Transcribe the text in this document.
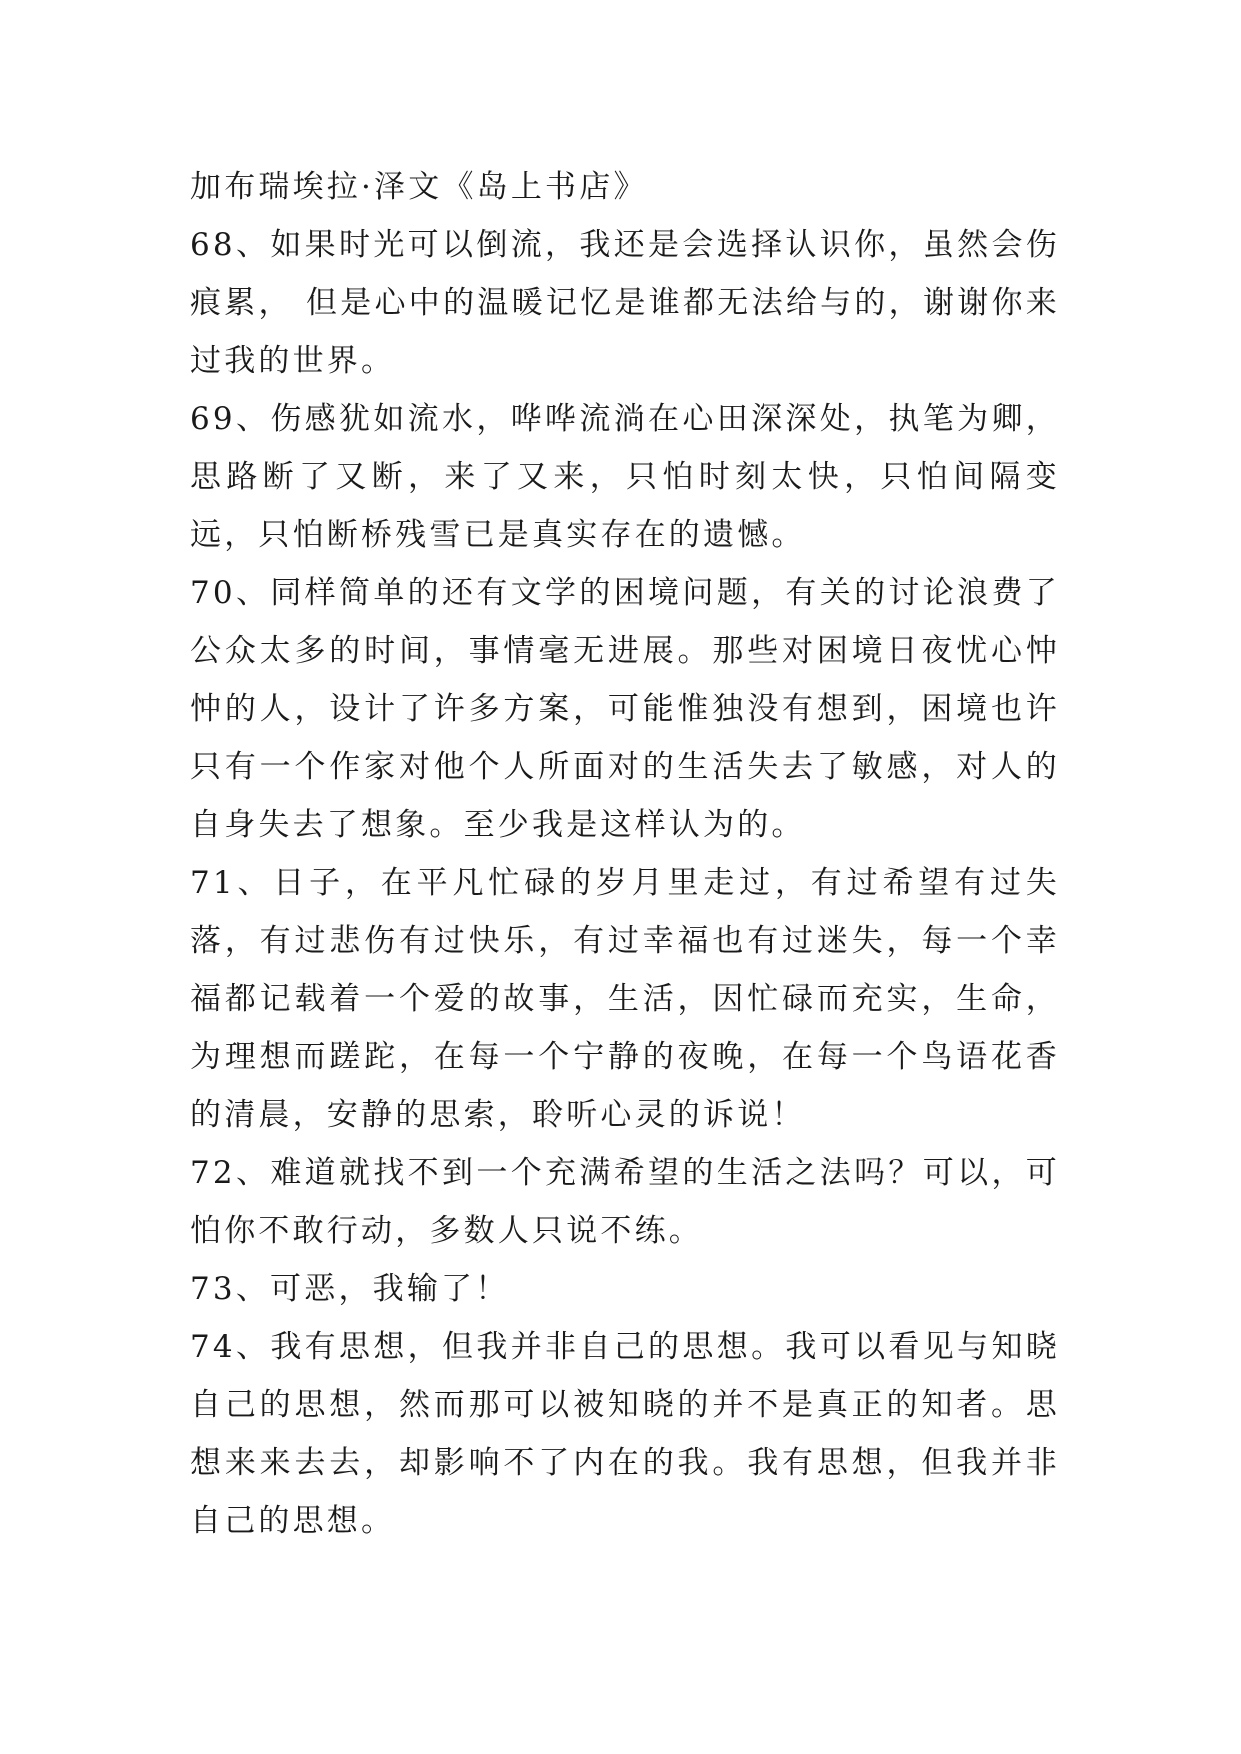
加布瑞埃拉·泽文《岛上书店》

68、如果时光可以倒流，我还是会选择认识你，虽然会伤痕累， 但是心中的温暖记忆是谁都无法给与的，谢谢你来过我的世界。

69、伤感犹如流水，哗哗流淌在心田深深处，执笔为卿，思路断了又断，来了又来，只怕时刻太快，只怕间隔变远，只怕断桥残雪已是真实存在的遗憾。

70、同样简单的还有文学的困境问题，有关的讨论浪费了公众太多的时间，事情毫无进展。那些对困境日夜忧心忡忡的人，设计了许多方案，可能惟独没有想到，困境也许只有一个作家对他个人所面对的生活失去了敏感，对人的自身失去了想象。至少我是这样认为的。

71、日子，在平凡忙碌的岁月里走过，有过希望有过失落，有过悲伤有过快乐，有过幸福也有过迷失，每一个幸福都记载着一个爱的故事，生活，因忙碌而充实，生命，为理想而蹉跎，在每一个宁静的夜晚，在每一个鸟语花香的清晨，安静的思索，聆听心灵的诉说！

72、难道就找不到一个充满希望的生活之法吗？可以，可怕你不敢行动，多数人只说不练。

73、可恶，我输了！

74、我有思想，但我并非自己的思想。我可以看见与知晓自己的思想，然而那可以被知晓的并不是真正的知者。思想来来去去，却影响不了内在的我。我有思想，但我并非自己的思想。
